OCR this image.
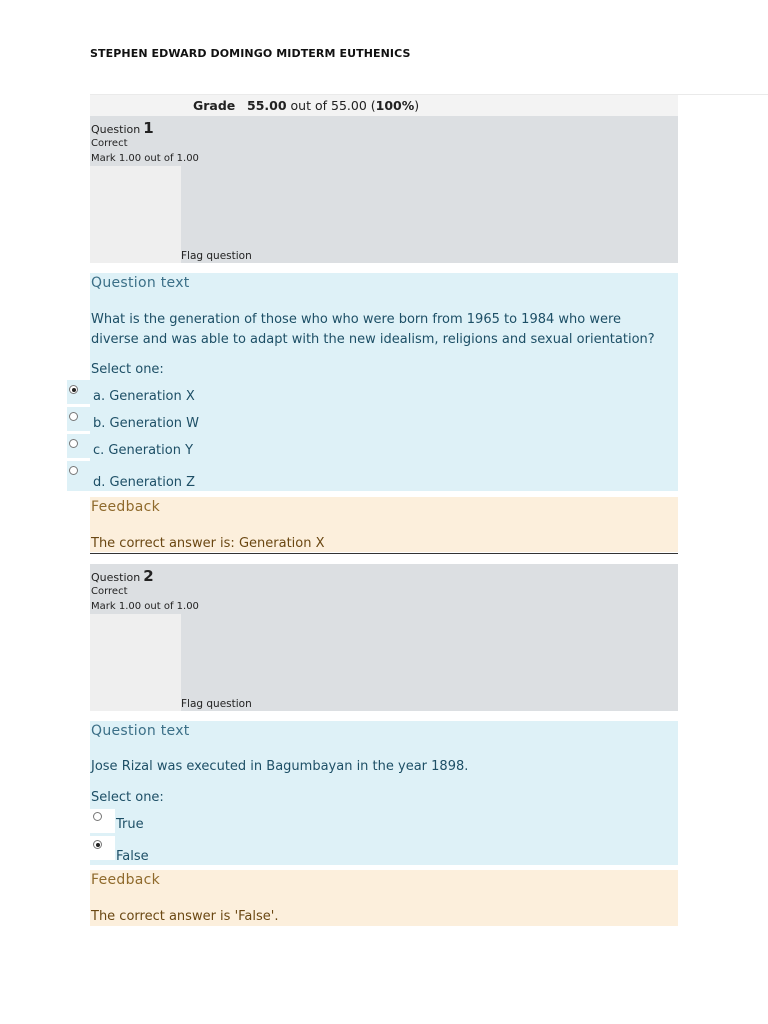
STEPHEN EDWARD DOMINGO MIDTERM EUTHENICS
Grade 55.00 out of 55.00 (100%)
Question 1
Correct
Mark 1.00 out of 1.00
Flag question
Question text
What is the generation of those who who were born from 1965 to 1984 who were diverse and was able to adapt with the new idealism, religions and sexual orientation?
Select one:
a. Generation X
b. Generation W
c. Generation Y
d. Generation Z
Feedback
The correct answer is: Generation X
Question 2
Correct
Mark 1.00 out of 1.00
Flag question
Question text
Jose Rizal was executed in Bagumbayan in the year 1898.
Select one:
True
False
Feedback
The correct answer is 'False'.
